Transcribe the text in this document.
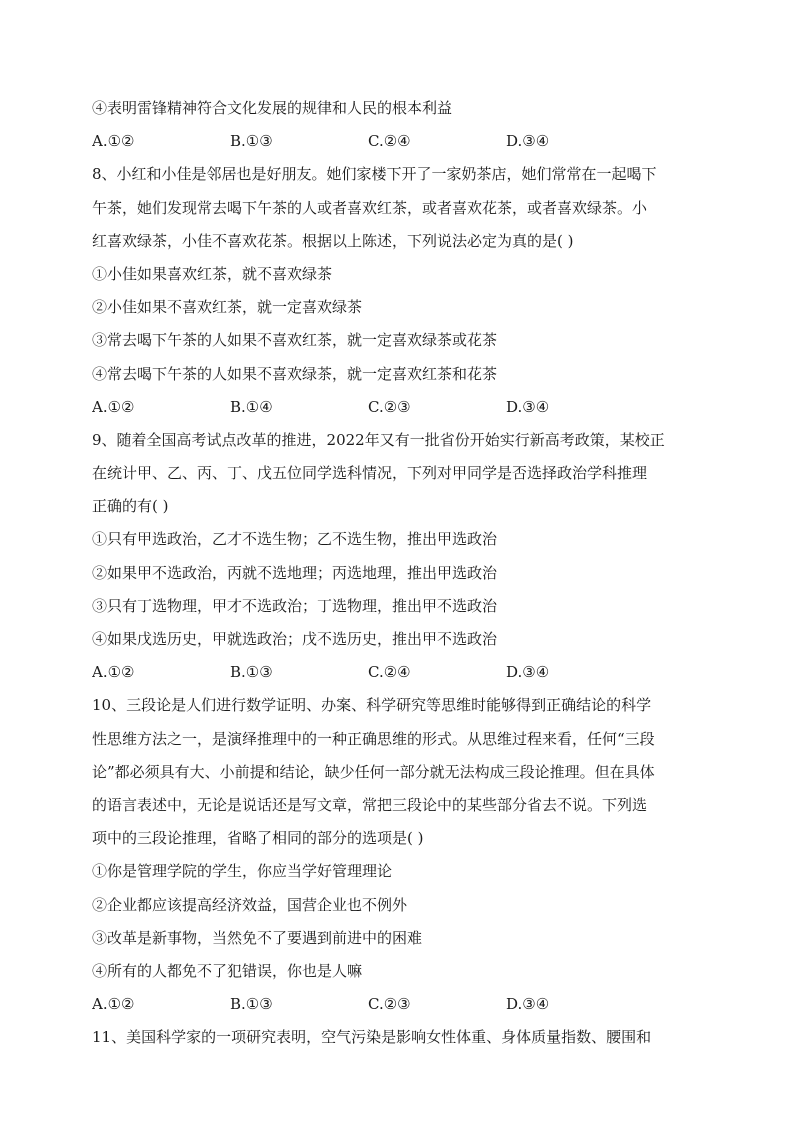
④表明雷锋精神符合文化发展的规律和人民的根本利益
A.①②	B.①③	C.②④	D.③④
8、小红和小佳是邻居也是好朋友。她们家楼下开了一家奶茶店，她们常常在一起喝下
午茶，她们发现常去喝下午茶的人或者喜欢红茶，或者喜欢花茶，或者喜欢绿茶。小
红喜欢绿茶，小佳不喜欢花茶。根据以上陈述，下列说法必定为真的是( )
①小佳如果喜欢红茶，就不喜欢绿茶
②小佳如果不喜欢红茶，就一定喜欢绿茶
③常去喝下午茶的人如果不喜欢红茶，就一定喜欢绿茶或花茶
④常去喝下午茶的人如果不喜欢绿茶，就一定喜欢红茶和花茶
A.①②	B.①④	C.②③	D.③④
9、随着全国高考试点改革的推进，2022年又有一批省份开始实行新高考政策，某校正
在统计甲、乙、丙、丁、戊五位同学选科情况，下列对甲同学是否选择政治学科推理
正确的有( )
①只有甲选政治，乙才不选生物；乙不选生物，推出甲选政治
②如果甲不选政治，丙就不选地理；丙选地理，推出甲选政治
③只有丁选物理，甲才不选政治；丁选物理，推出甲不选政治
④如果戊选历史，甲就选政治；戊不选历史，推出甲不选政治
A.①②	B.①③	C.②④	D.③④
10、三段论是人们进行数学证明、办案、科学研究等思维时能够得到正确结论的科学
性思维方法之一，是演绎推理中的一种正确思维的形式。从思维过程来看，任何“三段
论”都必须具有大、小前提和结论，缺少任何一部分就无法构成三段论推理。但在具体
的语言表述中，无论是说话还是写文章，常把三段论中的某些部分省去不说。下列选
项中的三段论推理，省略了相同的部分的选项是( )
①你是管理学院的学生，你应当学好管理理论
②企业都应该提高经济效益，国营企业也不例外
③改革是新事物，当然免不了要遇到前进中的困难
④所有的人都免不了犯错误，你也是人嘛
A.①②	B.①③	C.②③	D.③④
11、美国科学家的一项研究表明，空气污染是影响女性体重、身体质量指数、腰围和
